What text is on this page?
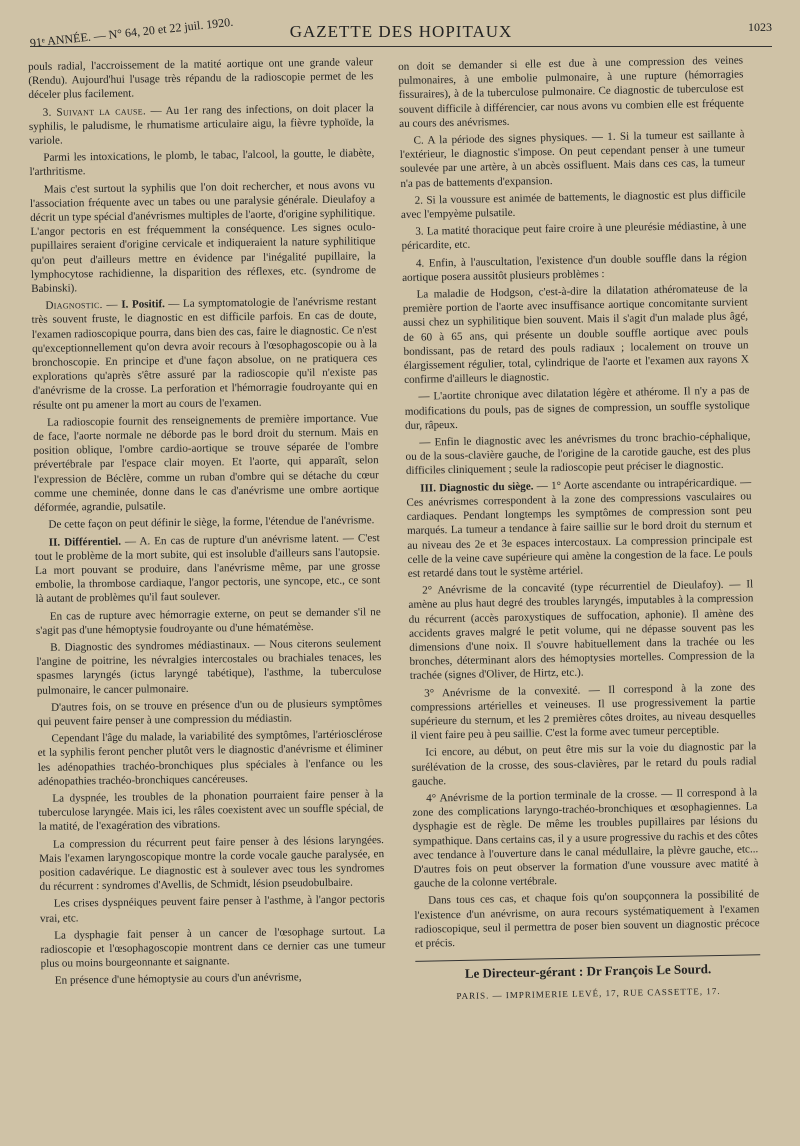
91ᵉ ANNÉE. — N° 64, 20 et 22 juil. 1920.	GAZETTE DES HOPITAUX	1023

pouls radial, l'accroissement de la matité aortique ont une grande valeur (Rendu). Aujourd'hui l'usage très répandu de la radioscopie permet de les déceler plus facilement.

3. Suivant la cause. — Au 1er rang des infections, on doit placer la syphilis, le paludisme, le rhumatisme articulaire aigu, la fièvre typhoïde, la variole.

Parmi les intoxications, le plomb, le tabac, l'alcool, la goutte, le diabète, l'arthritisme.

Mais c'est surtout la syphilis que l'on doit rechercher, et nous avons vu l'association fréquente avec un tabes ou une paralysie générale. Dieulafoy a décrit un type spécial d'anévrismes multiples de l'aorte, d'origine syphilitique. L'angor pectoris en est fréquemment la conséquence. Les signes oculo-pupillaires seraient d'origine cervicale et indiqueraient la nature syphilitique qu'on peut d'ailleurs mettre en évidence par l'inégalité pupillaire, la lymphocytose rachidienne, la disparition des réflexes, etc. (syndrome de Babinski).

Diagnostic. — I. Positif. — La symptomatologie de l'anévrisme restant très souvent fruste, le diagnostic en est difficile parfois. En cas de doute, l'examen radioscopique pourra, dans bien des cas, faire le diagnostic. Ce n'est qu'exceptionnellement qu'on devra avoir recours à l'œsophagoscopie ou à la bronchoscopie. En principe et d'une façon absolue, on ne pratiquera ces explorations qu'après s'être assuré par la radioscopie qu'il n'existe pas d'anévrisme de la crosse. La perforation et l'hémorragie foudroyante qui en résulte ont pu amener la mort au cours de l'examen.

La radioscopie fournit des renseignements de première importance. Vue de face, l'aorte normale ne déborde pas le bord droit du sternum. Mais en position oblique, l'ombre cardio-aortique se trouve séparée de l'ombre prévertébrale par l'espace clair moyen. Et l'aorte, qui apparaît, selon l'expression de Béclère, comme un ruban d'ombre qui se détache du cœur comme une cheminée, donne dans le cas d'anévrisme une ombre aortique déformée, agrandie, pulsatile.

De cette façon on peut définir le siège, la forme, l'étendue de l'anévrisme.

II. Différentiel. — A. En cas de rupture d'un anévrisme latent. — C'est tout le problème de la mort subite, qui est insoluble d'ailleurs sans l'autopsie. La mort pouvant se produire, dans l'anévrisme même, par une grosse embolie, la thrombose cardiaque, l'angor pectoris, une syncope, etc., ce sont là autant de problèmes qu'il faut soulever.

En cas de rupture avec hémorragie externe, on peut se demander s'il ne s'agit pas d'une hémoptysie foudroyante ou d'une hématémèse.

B. Diagnostic des syndromes médiastinaux. — Nous citerons seulement l'angine de poitrine, les névralgies intercostales ou brachiales tenaces, les spasmes laryngés (ictus laryngé tabétique), l'asthme, la tuberculose pulmonaire, le cancer pulmonaire.

D'autres fois, on se trouve en présence d'un ou de plusieurs symptômes qui peuvent faire penser à une compression du médiastin.

Cependant l'âge du malade, la variabilité des symptômes, l'artériosclérose et la syphilis feront pencher plutôt vers le diagnostic d'anévrisme et éliminer les adénopathies trachéo-bronchiques plus spéciales à l'enfance ou les adénopathies trachéo-bronchiques cancéreuses.

La dyspnée, les troubles de la phonation pourraient faire penser à la tuberculose laryngée. Mais ici, les râles coexistent avec un souffle spécial, de la matité, de l'exagération des vibrations.

La compression du récurrent peut faire penser à des lésions laryngées. Mais l'examen laryngoscopique montre la corde vocale gauche paralysée, en position cadavérique. Le diagnostic est à soulever avec tous les syndromes du récurrent : syndromes d'Avellis, de Schmidt, lésion pseudobulbaire.

Les crises dyspnéiques peuvent faire penser à l'asthme, à l'angor pectoris vrai, etc.

La dysphagie fait penser à un cancer de l'œsophage surtout. La radioscopie et l'œsophagoscopie montrent dans ce dernier cas une tumeur plus ou moins bourgeonnante et saignante.

En présence d'une hémoptysie au cours d'un anévrisme,

on doit se demander si elle est due à une compression des veines pulmonaires, à une embolie pulmonaire, à une rupture (hémorragies fissuraires), à de la tuberculose pulmonaire. Ce diagnostic de tuberculose est souvent difficile à différencier, car nous avons vu combien elle est fréquente au cours des anévrismes.

C. A la période des signes physiques. — 1. Si la tumeur est saillante à l'extérieur, le diagnostic s'impose. On peut cependant penser à une tumeur soulevée par une artère, à un abcès ossifluent. Mais dans ces cas, la tumeur n'a pas de battements d'expansion.

2. Si la voussure est animée de battements, le diagnostic est plus difficile avec l'empyème pulsatile.

3. La matité thoracique peut faire croire à une pleurésie médiastine, à une péricardite, etc.

4. Enfin, à l'auscultation, l'existence d'un double souffle dans la région aortique posera aussitôt plusieurs problèmes :

La maladie de Hodgson, c'est-à-dire la dilatation athéromateuse de la première portion de l'aorte avec insuffisance aortique concomitante survient aussi chez un syphilitique bien souvent. Mais il s'agit d'un malade plus âgé, de 60 à 65 ans, qui présente un double souffle aortique avec pouls bondissant, pas de retard des pouls radiaux ; localement on trouve un élargissement régulier, total, cylindrique de l'aorte et l'examen aux rayons X confirme d'ailleurs le diagnostic.

— L'aortite chronique avec dilatation légère et athérome. Il n'y a pas de modifications du pouls, pas de signes de compression, un souffle systolique dur, râpeux.

— Enfin le diagnostic avec les anévrismes du tronc brachio-céphalique, ou de la sous-clavière gauche, de l'origine de la carotide gauche, est des plus difficiles cliniquement ; seule la radioscopie peut préciser le diagnostic.

III. Diagnostic du siège. — 1° Aorte ascendante ou intrapéricardique. — Ces anévrismes correspondent à la zone des compressions vasculaires ou cardiaques. Pendant longtemps les symptômes de compression sont peu marqués. La tumeur a tendance à faire saillie sur le bord droit du sternum et au niveau des 2e et 3e espaces intercostaux. La compression principale est celle de la veine cave supérieure qui amène la congestion de la face. Le pouls est retardé dans tout le système artériel.

2° Anévrisme de la concavité (type récurrentiel de Dieulafoy). — Il amène au plus haut degré des troubles laryngés, imputables à la compression du récurrent (accès paroxystiques de suffocation, aphonie). Il amène des accidents graves malgré le petit volume, qui ne dépasse souvent pas les dimensions d'une noix. Il s'ouvre habituellement dans la trachée ou les bronches, déterminant alors des hémoptysies mortelles. Compression de la trachée (signes d'Oliver, de Hirtz, etc.).

3° Anévrisme de la convexité. — Il correspond à la zone des compressions artérielles et veineuses. Il use progressivement la partie supérieure du sternum, et les 2 premières côtes droites, au niveau desquelles il vient faire peu à peu saillie. C'est la forme avec tumeur perceptible.

Ici encore, au début, on peut être mis sur la voie du diagnostic par la surélévation de la crosse, des sous-clavières, par le retard du pouls radial gauche.

4° Anévrisme de la portion terminale de la crosse. — Il correspond à la zone des complications laryngo-trachéo-bronchiques et œsophagiennes. La dysphagie est de règle. De même les troubles pupillaires par lésions du sympathique. Dans certains cas, il y a usure progressive du rachis et des côtes avec tendance à l'ouverture dans le canal médullaire, la plèvre gauche, etc... D'autres fois on peut observer la formation d'une voussure avec matité à gauche de la colonne vertébrale.

Dans tous ces cas, et chaque fois qu'on soupçonnera la possibilité de l'existence d'un anévrisme, on aura recours systématiquement à l'examen radioscopique, seul il permettra de poser bien souvent un diagnostic précoce et précis.

Le Directeur-gérant : Dr François Le Sourd.
PARIS. — IMPRIMERIE LEVÉ, 17, RUE CASSETTE, 17.
